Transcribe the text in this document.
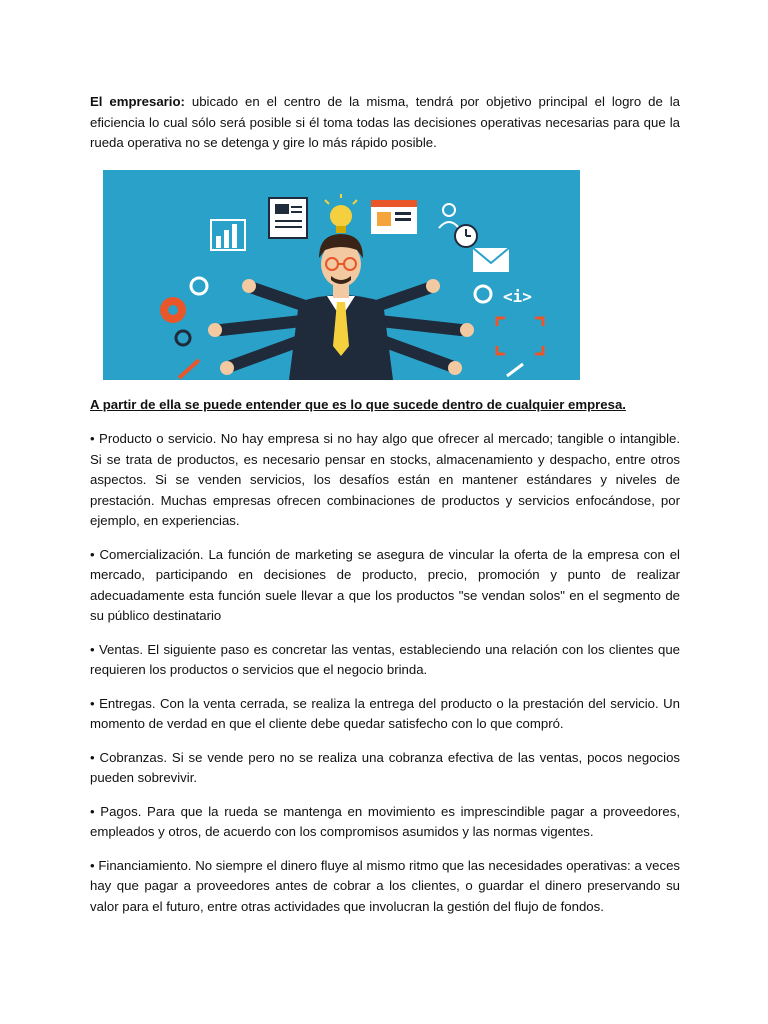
El empresario: ubicado en el centro de la misma, tendrá por objetivo principal el logro de la eficiencia lo cual sólo será posible si él toma todas las decisiones operativas necesarias para que la rueda operativa no se detenga y gire lo más rápido posible.

<i>

A partir de ella se puede entender que es lo que sucede dentro de cualquier empresa.

• Producto o servicio. No hay empresa si no hay algo que ofrecer al mercado; tangible o intangible. Si se trata de productos, es necesario pensar en stocks, almacenamiento y despacho, entre otros aspectos. Si se venden servicios, los desafíos están en mantener estándares y niveles de prestación. Muchas empresas ofrecen combinaciones de productos y servicios enfocándose, por ejemplo, en experiencias.

• Comercialización. La función de marketing se asegura de vincular la oferta de la empresa con el mercado, participando en decisiones de producto, precio, promoción y punto de realizar adecuadamente esta función suele llevar a que los productos "se vendan solos" en el segmento de su público destinatario

• Ventas. El siguiente paso es concretar las ventas, estableciendo una relación con los clientes que requieren los productos o servicios que el negocio brinda.

• Entregas. Con la venta cerrada, se realiza la entrega del producto o la prestación del servicio. Un momento de verdad en que el cliente debe quedar satisfecho con lo que compró.

• Cobranzas. Si se vende pero no se realiza una cobranza efectiva de las ventas, pocos negocios pueden sobrevivir.

• Pagos. Para que la rueda se mantenga en movimiento es imprescindible pagar a proveedores, empleados y otros, de acuerdo con los compromisos asumidos y las normas vigentes.

• Financiamiento. No siempre el dinero fluye al mismo ritmo que las necesidades operativas: a veces hay que pagar a proveedores antes de cobrar a los clientes, o guardar el dinero preservando su valor para el futuro, entre otras actividades que involucran la gestión del flujo de fondos.
